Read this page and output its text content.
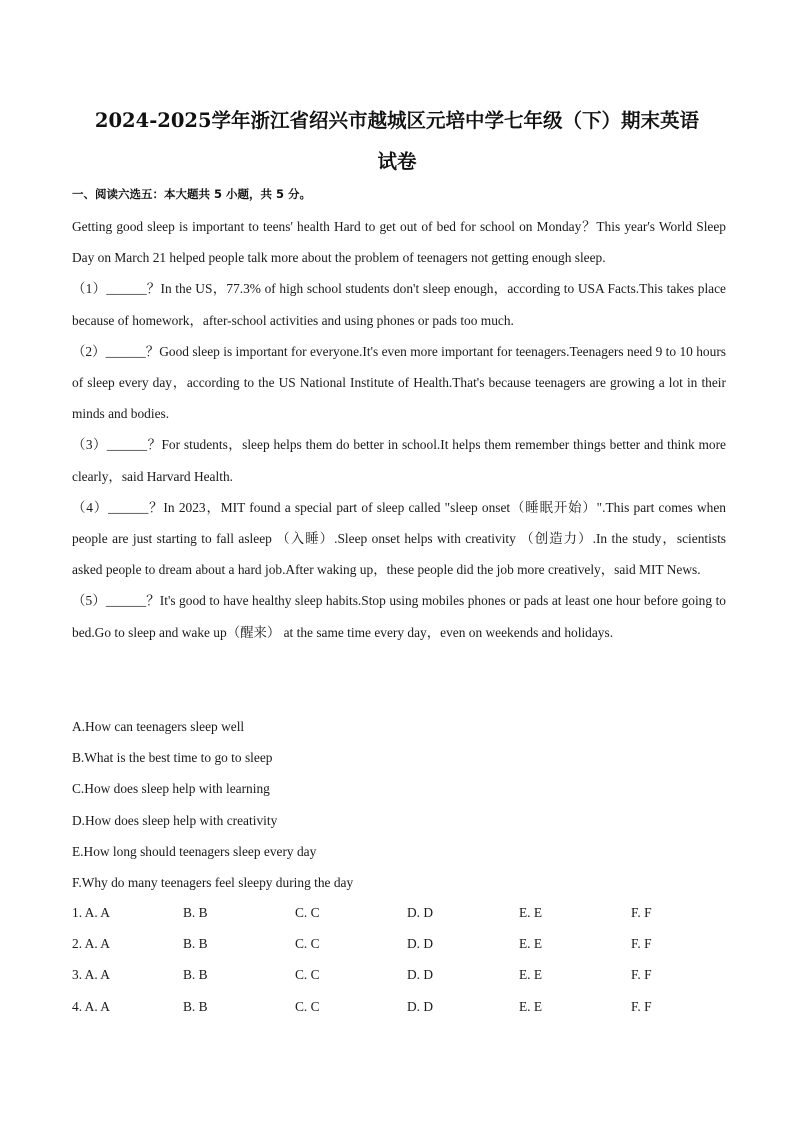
2024-2025学年浙江省绍兴市越城区元培中学七年级（下）期末英语
试卷
一、阅读六选五：本大题共 5 小题，共 5 分。

Getting good sleep is important to teens' health Hard to get out of bed for school on Monday？This year's World Sleep Day on March 21 helped people talk more about the problem of teenagers not getting enough sleep.

（1）______？In the US，77.3% of high school students don't sleep enough，according to USA Facts.This takes place because of homework，after-school activities and using phones or pads too much.

（2）______？Good sleep is important for everyone.It's even more important for teenagers.Teenagers need 9 to 10 hours of sleep every day，according to the US National Institute of Health.That's because teenagers are growing a lot in their minds and bodies.

（3）______？For students，sleep helps them do better in school.It helps them remember things better and think more clearly，said Harvard Health.

（4）______？In 2023，MIT found a special part of sleep called "sleep onset（睡眠开始）".This part comes when people are just starting to fall asleep （入睡）.Sleep onset helps with creativity （创造力）.In the study，scientists asked people to dream about a hard job.After waking up，these people did the job more creatively，said MIT News.

（5）______？It's good to have healthy sleep habits.Stop using mobiles phones or pads at least one hour before going to bed.Go to sleep and wake up（醒来） at the same time every day，even on weekends and holidays.

A.How can teenagers sleep well
B.What is the best time to go to sleep
C.How does sleep help with learning
D.How does sleep help with creativity
E.How long should teenagers sleep every day
F.Why do many teenagers feel sleepy during the day
1. A. A	B. B	C. C	D. D	E. E	F. F
2. A. A	B. B	C. C	D. D	E. E	F. F
3. A. A	B. B	C. C	D. D	E. E	F. F
4. A. A	B. B	C. C	D. D	E. E	F. F
